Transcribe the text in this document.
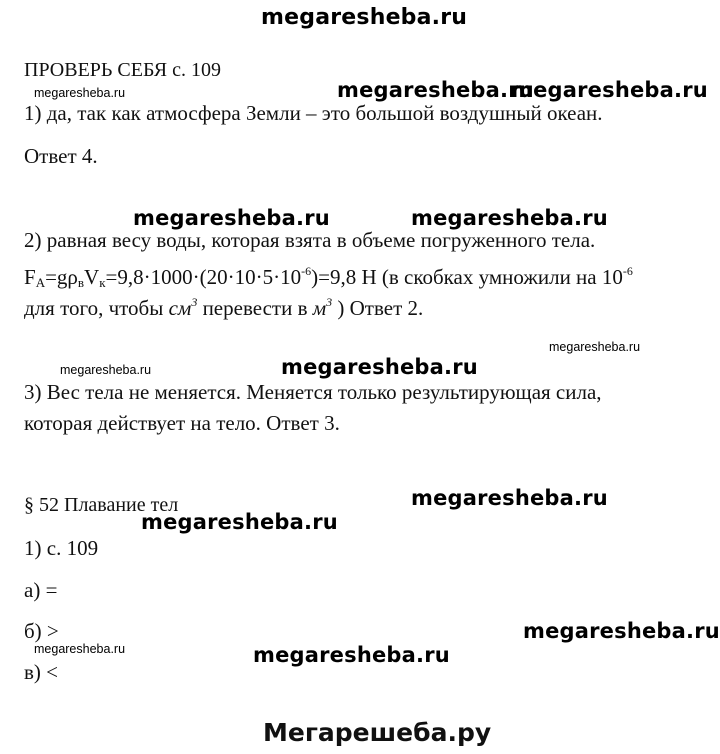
megaresheba.ru
ПРОВЕРЬ СЕБЯ с. 109
megaresheba.ru	megaresheba.ru
megaresheba.ru
1) да, так как атмосфера Земли – это большой воздушный океан.
Ответ 4.
megaresheba.ru	megaresheba.ru
2) равная весу воды, которая взята в объеме погруженного тела.
$F_А=g\rho_вV_к=9,8\cdot 1000\cdot(20\cdot 10\cdot 5\cdot 10^{-6})=9,8$ Н (в скобках умножили на $10^{-6}$
для того, чтобы $см^3$ перевести в $м^3$ ) Ответ 2.
megaresheba.ru
megaresheba.ru	megaresheba.ru
3) Вес тела не меняется. Меняется только результирующая сила,
которая действует на тело. Ответ 3.
§ 52 Плавание тел	megaresheba.ru
megaresheba.ru
1) с. 109
а) =
б) >	megaresheba.ru
megaresheba.ru	megaresheba.ru
в) <
Мегарешеба.ру
